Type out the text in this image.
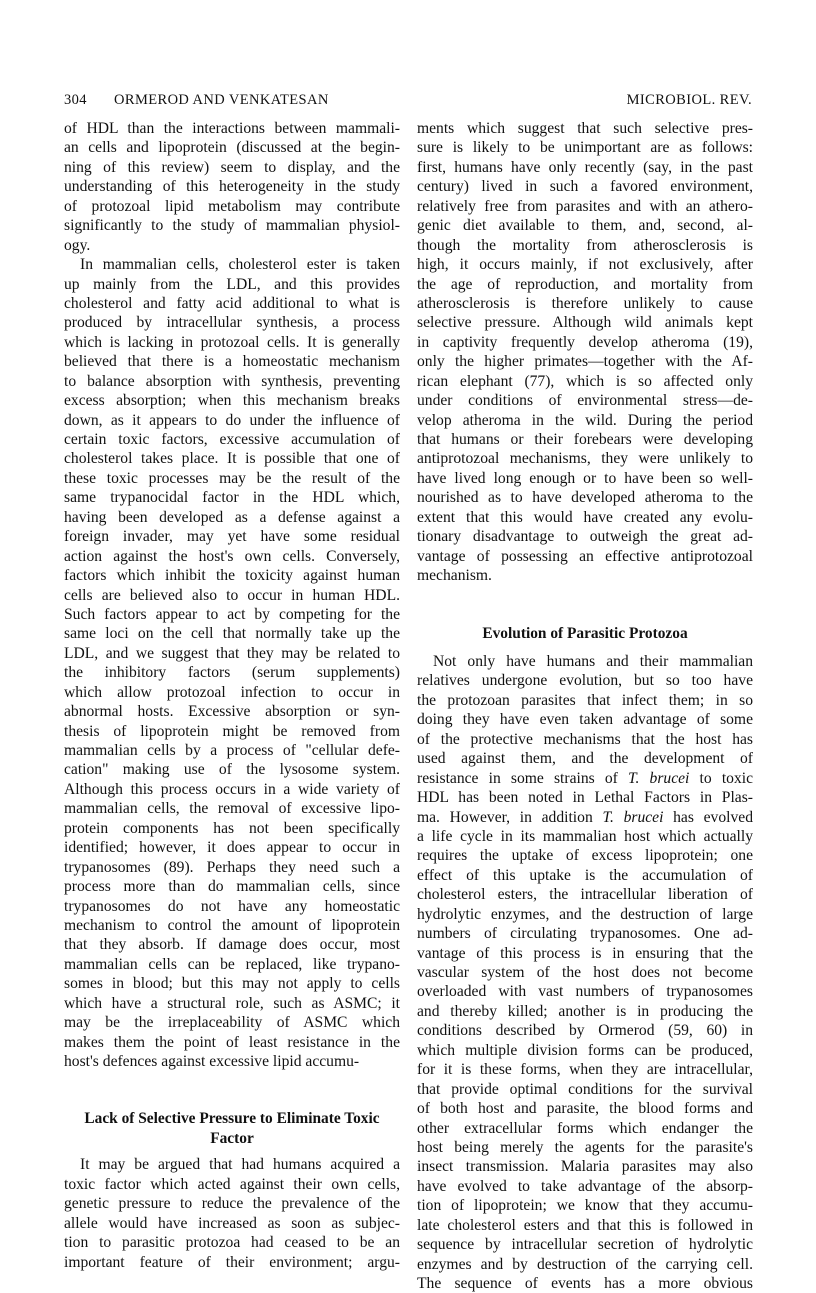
304 ORMEROD AND VENKATESAN	MICROBIOL. REV.
of HDL than the interactions between mammali-
an cells and lipoprotein (discussed at the begin-
ning of this review) seem to display, and the
understanding of this heterogeneity in the study
of protozoal lipid metabolism may contribute
significantly to the study of mammalian physiol-
ogy.
In mammalian cells, cholesterol ester is taken
up mainly from the LDL, and this provides
cholesterol and fatty acid additional to what is
produced by intracellular synthesis, a process
which is lacking in protozoal cells. It is generally
believed that there is a homeostatic mechanism
to balance absorption with synthesis, preventing
excess absorption; when this mechanism breaks
down, as it appears to do under the influence of
certain toxic factors, excessive accumulation of
cholesterol takes place. It is possible that one of
these toxic processes may be the result of the
same trypanocidal factor in the HDL which,
having been developed as a defense against a
foreign invader, may yet have some residual
action against the host's own cells. Conversely,
factors which inhibit the toxicity against human
cells are believed also to occur in human HDL.
Such factors appear to act by competing for the
same loci on the cell that normally take up the
LDL, and we suggest that they may be related to
the inhibitory factors (serum supplements)
which allow protozoal infection to occur in
abnormal hosts. Excessive absorption or syn-
thesis of lipoprotein might be removed from
mammalian cells by a process of "cellular defe-
cation" making use of the lysosome system.
Although this process occurs in a wide variety of
mammalian cells, the removal of excessive lipo-
protein components has not been specifically
identified; however, it does appear to occur in
trypanosomes (89). Perhaps they need such a
process more than do mammalian cells, since
trypanosomes do not have any homeostatic
mechanism to control the amount of lipoprotein
that they absorb. If damage does occur, most
mammalian cells can be replaced, like trypano-
somes in blood; but this may not apply to cells
which have a structural role, such as ASMC; it
may be the irreplaceability of ASMC which
makes them the point of least resistance in the
host's defences against excessive lipid accumu-
Lack of Selective Pressure to Eliminate Toxic
Factor
It may be argued that had humans acquired a
toxic factor which acted against their own cells,
genetic pressure to reduce the prevalence of the
allele would have increased as soon as subjec-
tion to parasitic protozoa had ceased to be an
important feature of their environment; argu-
ments which suggest that such selective pres-
sure is likely to be unimportant are as follows:
first, humans have only recently (say, in the past
century) lived in such a favored environment,
relatively free from parasites and with an athero-
genic diet available to them, and, second, al-
though the mortality from atherosclerosis is
high, it occurs mainly, if not exclusively, after
the age of reproduction, and mortality from
atherosclerosis is therefore unlikely to cause
selective pressure. Although wild animals kept
in captivity frequently develop atheroma (19),
only the higher primates—together with the Af-
rican elephant (77), which is so affected only
under conditions of environmental stress—de-
velop atheroma in the wild. During the period
that humans or their forebears were developing
antiprotozoal mechanisms, they were unlikely to
have lived long enough or to have been so well-
nourished as to have developed atheroma to the
extent that this would have created any evolu-
tionary disadvantage to outweigh the great ad-
vantage of possessing an effective antiprotozoal
mechanism.
Evolution of Parasitic Protozoa
Not only have humans and their mammalian
relatives undergone evolution, but so too have
the protozoan parasites that infect them; in so
doing they have even taken advantage of some
of the protective mechanisms that the host has
used against them, and the development of
resistance in some strains of T. brucei to toxic
HDL has been noted in Lethal Factors in Plas-
ma. However, in addition T. brucei has evolved
a life cycle in its mammalian host which actually
requires the uptake of excess lipoprotein; one
effect of this uptake is the accumulation of
cholesterol esters, the intracellular liberation of
hydrolytic enzymes, and the destruction of large
numbers of circulating trypanosomes. One ad-
vantage of this process is in ensuring that the
vascular system of the host does not become
overloaded with vast numbers of trypanosomes
and thereby killed; another is in producing the
conditions described by Ormerod (59, 60) in
which multiple division forms can be produced,
for it is these forms, when they are intracellular,
that provide optimal conditions for the survival
of both host and parasite, the blood forms and
other extracellular forms which endanger the
host being merely the agents for the parasite's
insect transmission. Malaria parasites may also
have evolved to take advantage of the absorp-
tion of lipoprotein; we know that they accumu-
late cholesterol esters and that this is followed in
sequence by intracellular secretion of hydrolytic
enzymes and by destruction of the carrying cell.
The sequence of events has a more obvious
